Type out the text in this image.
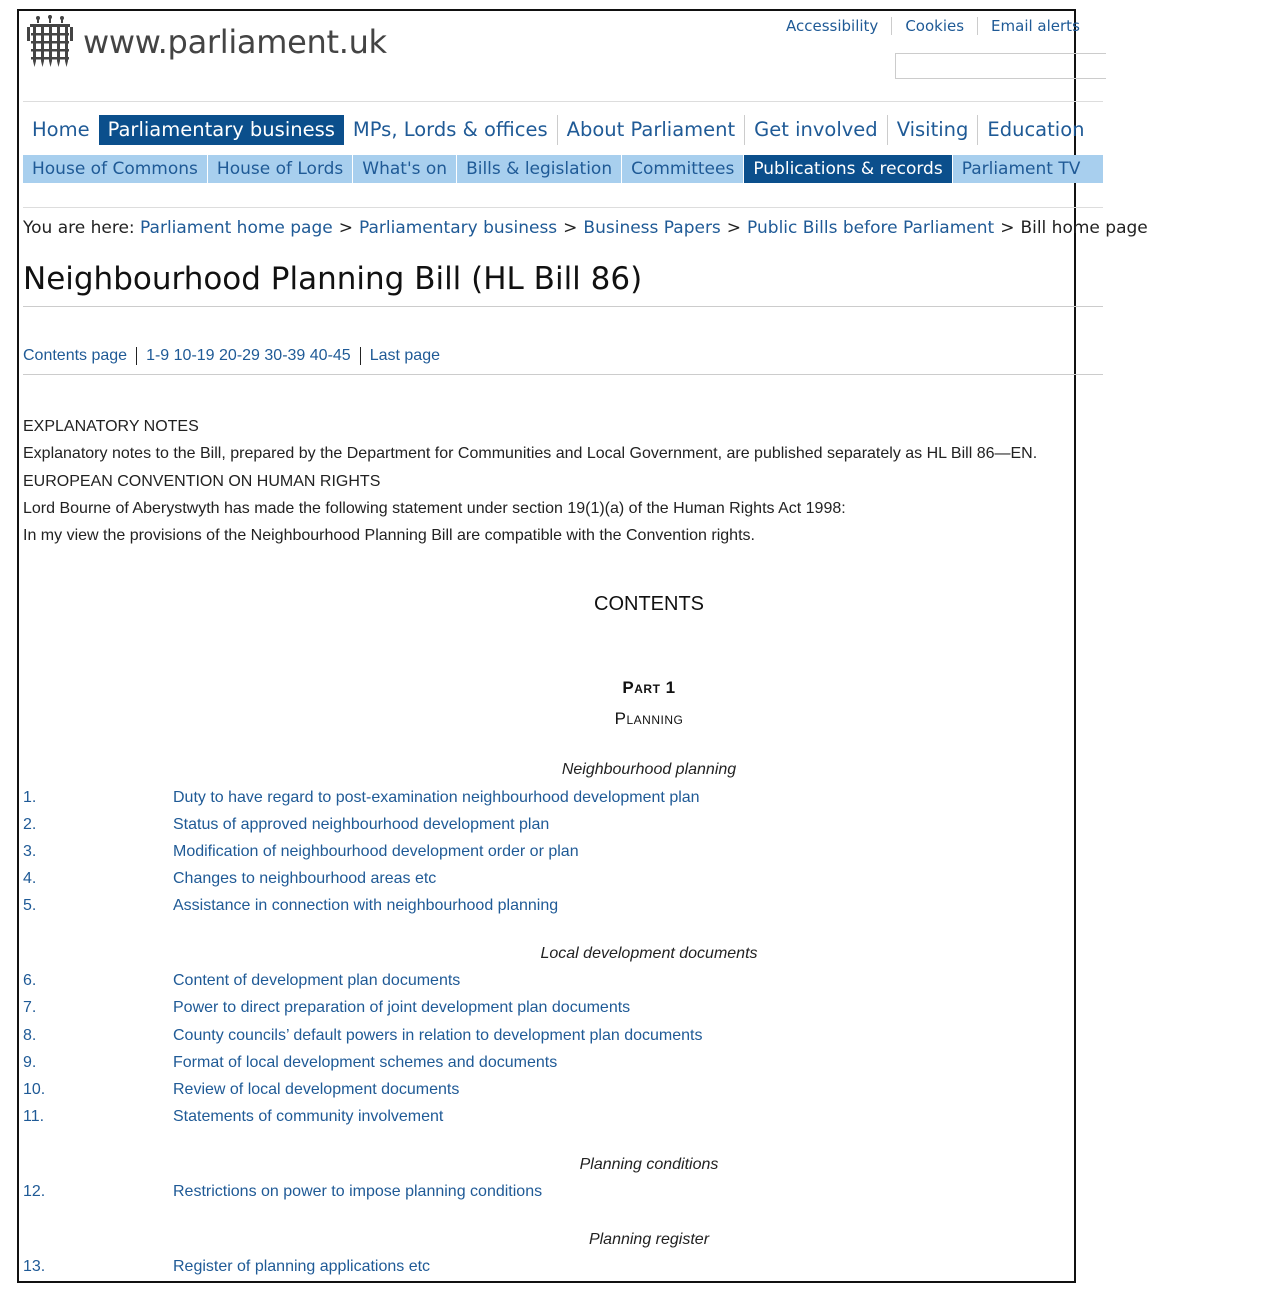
www.parliament.uk	Accessibility	Cookies	Email alerts
Home Parliamentary business MPs, Lords & offices About Parliament Get involved Visiting Education
House of Commons	House of Lords	What's on	Bills & legislation	Committees	Publications & records	Parliament TV
You are here: Parliament home page > Parliamentary business > Business Papers > Public Bills before Parliament > Bill home page
Neighbourhood Planning Bill (HL Bill 86)
Contents page 1-9 10-19 20-29 30-39 40-45 Last page

EXPLANATORY NOTES

Explanatory notes to the Bill, prepared by the Department for Communities and Local Government, are published separately as HL Bill 86—EN.

EUROPEAN CONVENTION ON HUMAN RIGHTS

Lord Bourne of Aberystwyth has made the following statement under section 19(1)(a) of the Human Rights Act 1998:

In my view the provisions of the Neighbourhood Planning Bill are compatible with the Convention rights.

CONTENTS
Part 1
Planning
Neighbourhood planning
1.	Duty to have regard to post-examination neighbourhood development plan
2.	Status of approved neighbourhood development plan
3.	Modification of neighbourhood development order or plan
4.	Changes to neighbourhood areas etc
5.	Assistance in connection with neighbourhood planning
Local development documents
6.	Content of development plan documents
7.	Power to direct preparation of joint development plan documents
8.	County councils’ default powers in relation to development plan documents
9.	Format of local development schemes and documents
10.	Review of local development documents
11.	Statements of community involvement
Planning conditions
12.	Restrictions on power to impose planning conditions
Planning register
13.	Register of planning applications etc
